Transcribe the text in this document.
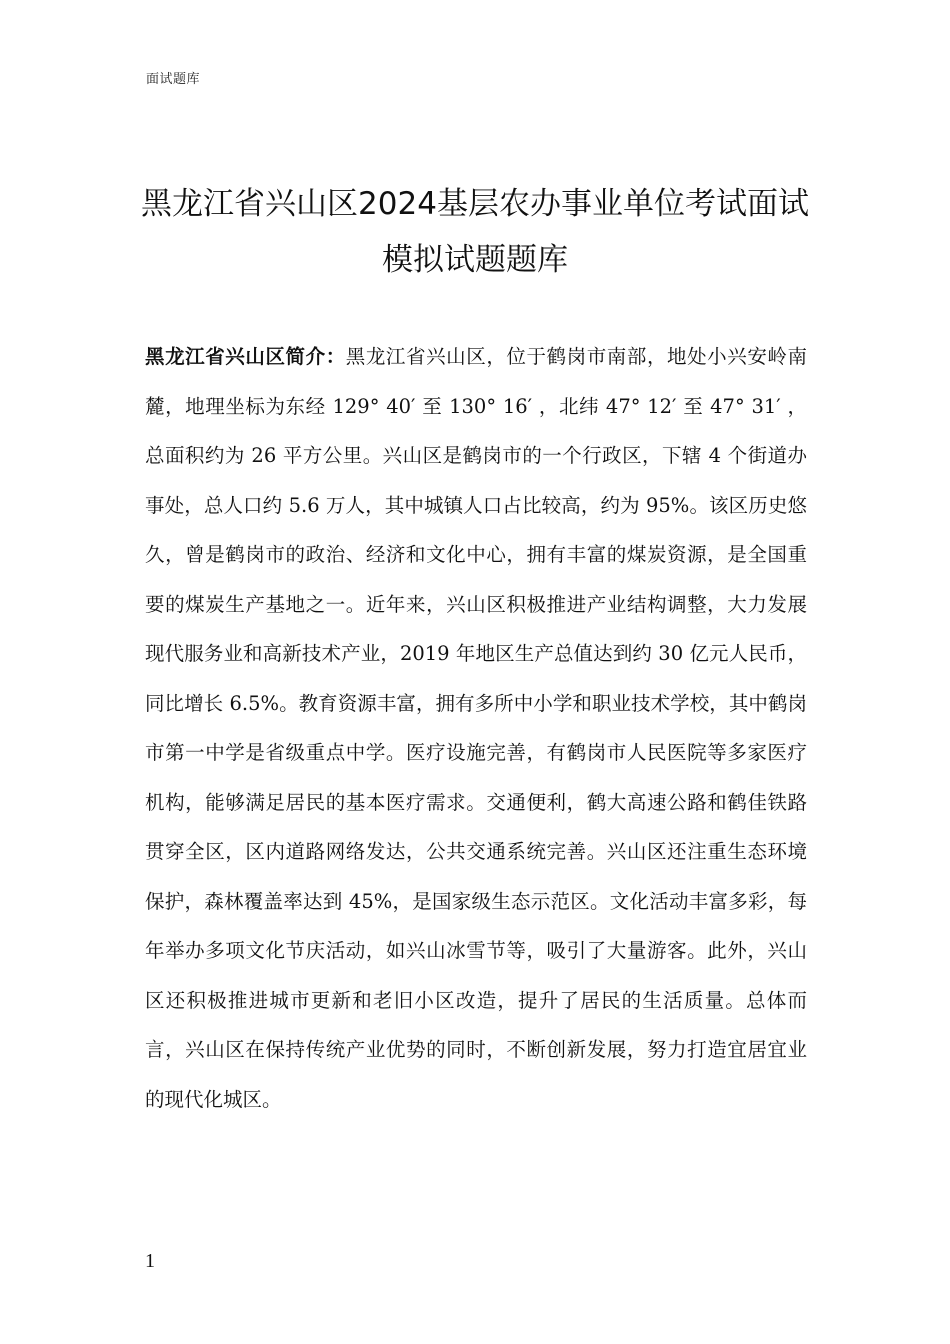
面试题库
黑龙江省兴山区2024基层农办事业单位考试面试模拟试题题库

黑龙江省兴山区简介：黑龙江省兴山区，位于鹤岗市南部，地处小兴安岭南麓，地理坐标为东经 129° 40′ 至 130° 16′ ，北纬 47° 12′ 至 47° 31′ ，总面积约为 26 平方公里。兴山区是鹤岗市的一个行政区，下辖 4 个街道办事处，总人口约 5.6 万人，其中城镇人口占比较高，约为 95%。该区历史悠久，曾是鹤岗市的政治、经济和文化中心，拥有丰富的煤炭资源，是全国重要的煤炭生产基地之一。近年来，兴山区积极推进产业结构调整，大力发展现代服务业和高新技术产业，2019 年地区生产总值达到约 30 亿元人民币，同比增长 6.5%。教育资源丰富，拥有多所中小学和职业技术学校，其中鹤岗市第一中学是省级重点中学。医疗设施完善，有鹤岗市人民医院等多家医疗机构，能够满足居民的基本医疗需求。交通便利，鹤大高速公路和鹤佳铁路贯穿全区，区内道路网络发达，公共交通系统完善。兴山区还注重生态环境保护，森林覆盖率达到 45%，是国家级生态示范区。文化活动丰富多彩，每年举办多项文化节庆活动，如兴山冰雪节等，吸引了大量游客。此外，兴山区还积极推进城市更新和老旧小区改造，提升了居民的生活质量。总体而言，兴山区在保持传统产业优势的同时，不断创新发展，努力打造宜居宜业的现代化城区。

1
